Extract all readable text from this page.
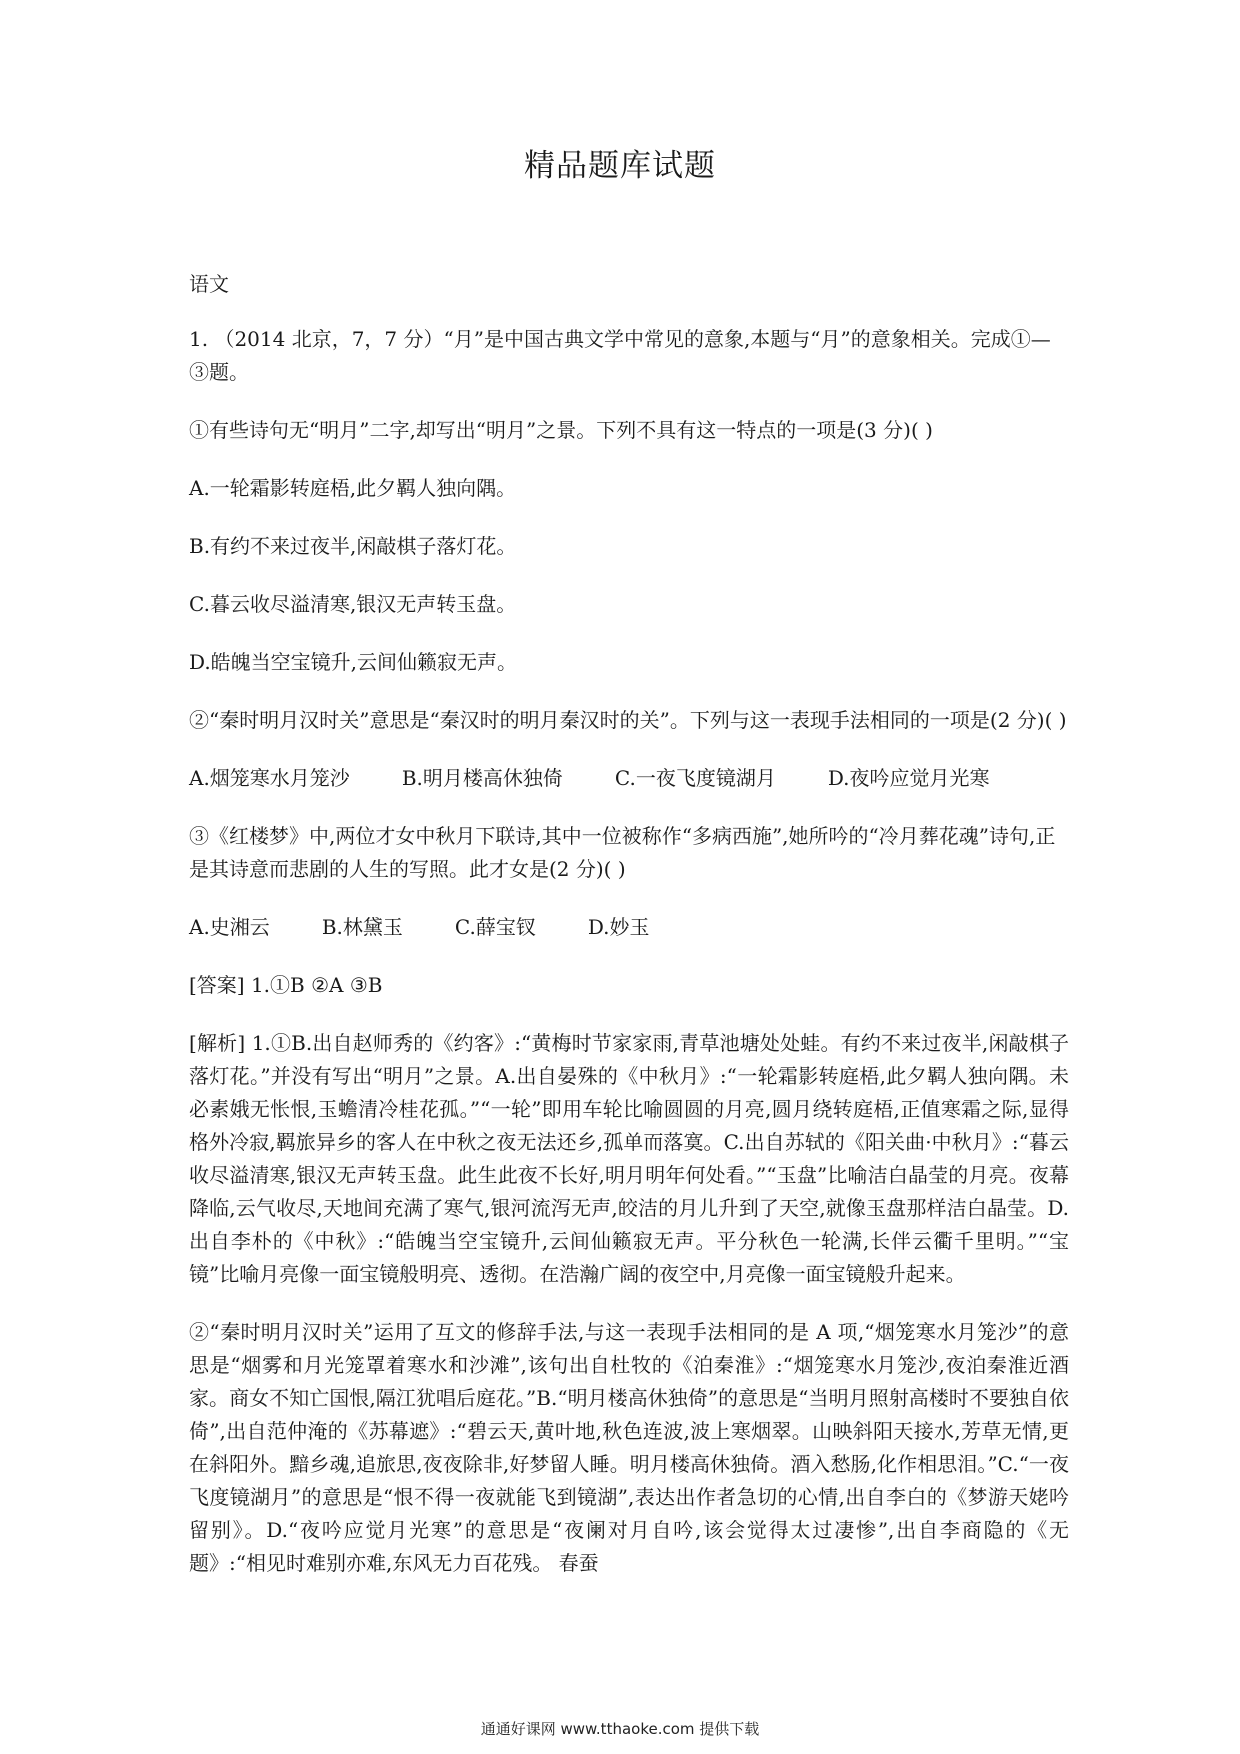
精品题库试题

语文

1. （2014 北京，7，7 分）“月”是中国古典文学中常见的意象,本题与“月”的意象相关。完成①—③题。

①有些诗句无“明月”二字,却写出“明月”之景。下列不具有这一特点的一项是(3 分)( )

A.一轮霜影转庭梧,此夕羁人独向隅。

B.有约不来过夜半,闲敲棋子落灯花。

C.暮云收尽溢清寒,银汉无声转玉盘。

D.皓魄当空宝镜升,云间仙籁寂无声。

②“秦时明月汉时关”意思是“秦汉时的明月秦汉时的关”。下列与这一表现手法相同的一项是(2 分)( )

A.烟笼寒水月笼沙	B.明月楼高休独倚	C.一夜飞度镜湖月	D.夜吟应觉月光寒

③《红楼梦》中,两位才女中秋月下联诗,其中一位被称作“多病西施”,她所吟的“冷月葬花魂”诗句,正是其诗意而悲剧的人生的写照。此才女是(2 分)( )

A.史湘云	B.林黛玉	C.薛宝钗	D.妙玉

[答案] 1.①B ②A ③B

[解析] 1.①B.出自赵师秀的《约客》:“黄梅时节家家雨,青草池塘处处蛙。有约不来过夜半,闲敲棋子落灯花。”并没有写出“明月”之景。A.出自晏殊的《中秋月》:“一轮霜影转庭梧,此夕羁人独向隅。未必素娥无怅恨,玉蟾清冷桂花孤。”“一轮”即用车轮比喻圆圆的月亮,圆月绕转庭梧,正值寒霜之际,显得格外冷寂,羁旅异乡的客人在中秋之夜无法还乡,孤单而落寞。C.出自苏轼的《阳关曲·中秋月》:“暮云收尽溢清寒,银汉无声转玉盘。此生此夜不长好,明月明年何处看。”“玉盘”比喻洁白晶莹的月亮。夜幕降临,云气收尽,天地间充满了寒气,银河流泻无声,皎洁的月儿升到了天空,就像玉盘那样洁白晶莹。D.出自李朴的《中秋》:“皓魄当空宝镜升,云间仙籁寂无声。平分秋色一轮满,长伴云衢千里明。”“宝镜”比喻月亮像一面宝镜般明亮、透彻。在浩瀚广阔的夜空中,月亮像一面宝镜般升起来。

②“秦时明月汉时关”运用了互文的修辞手法,与这一表现手法相同的是 A 项,“烟笼寒水月笼沙”的意思是“烟雾和月光笼罩着寒水和沙滩”,该句出自杜牧的《泊秦淮》:“烟笼寒水月笼沙,夜泊秦淮近酒家。商女不知亡国恨,隔江犹唱后庭花。”B.“明月楼高休独倚”的意思是“当明月照射高楼时不要独自依倚”,出自范仲淹的《苏幕遮》:“碧云天,黄叶地,秋色连波,波上寒烟翠。山映斜阳天接水,芳草无情,更在斜阳外。黯乡魂,追旅思,夜夜除非,好梦留人睡。明月楼高休独倚。酒入愁肠,化作相思泪。”C.“一夜飞度镜湖月”的意思是“恨不得一夜就能飞到镜湖”,表达出作者急切的心情,出自李白的《梦游天姥吟留别》。D.“夜吟应觉月光寒”的意思是“夜阑对月自吟,该会觉得太过凄惨”,出自李商隐的《无题》:“相见时难别亦难,东风无力百花残。 春蚕

通通好课网 www.tthaoke.com 提供下载
